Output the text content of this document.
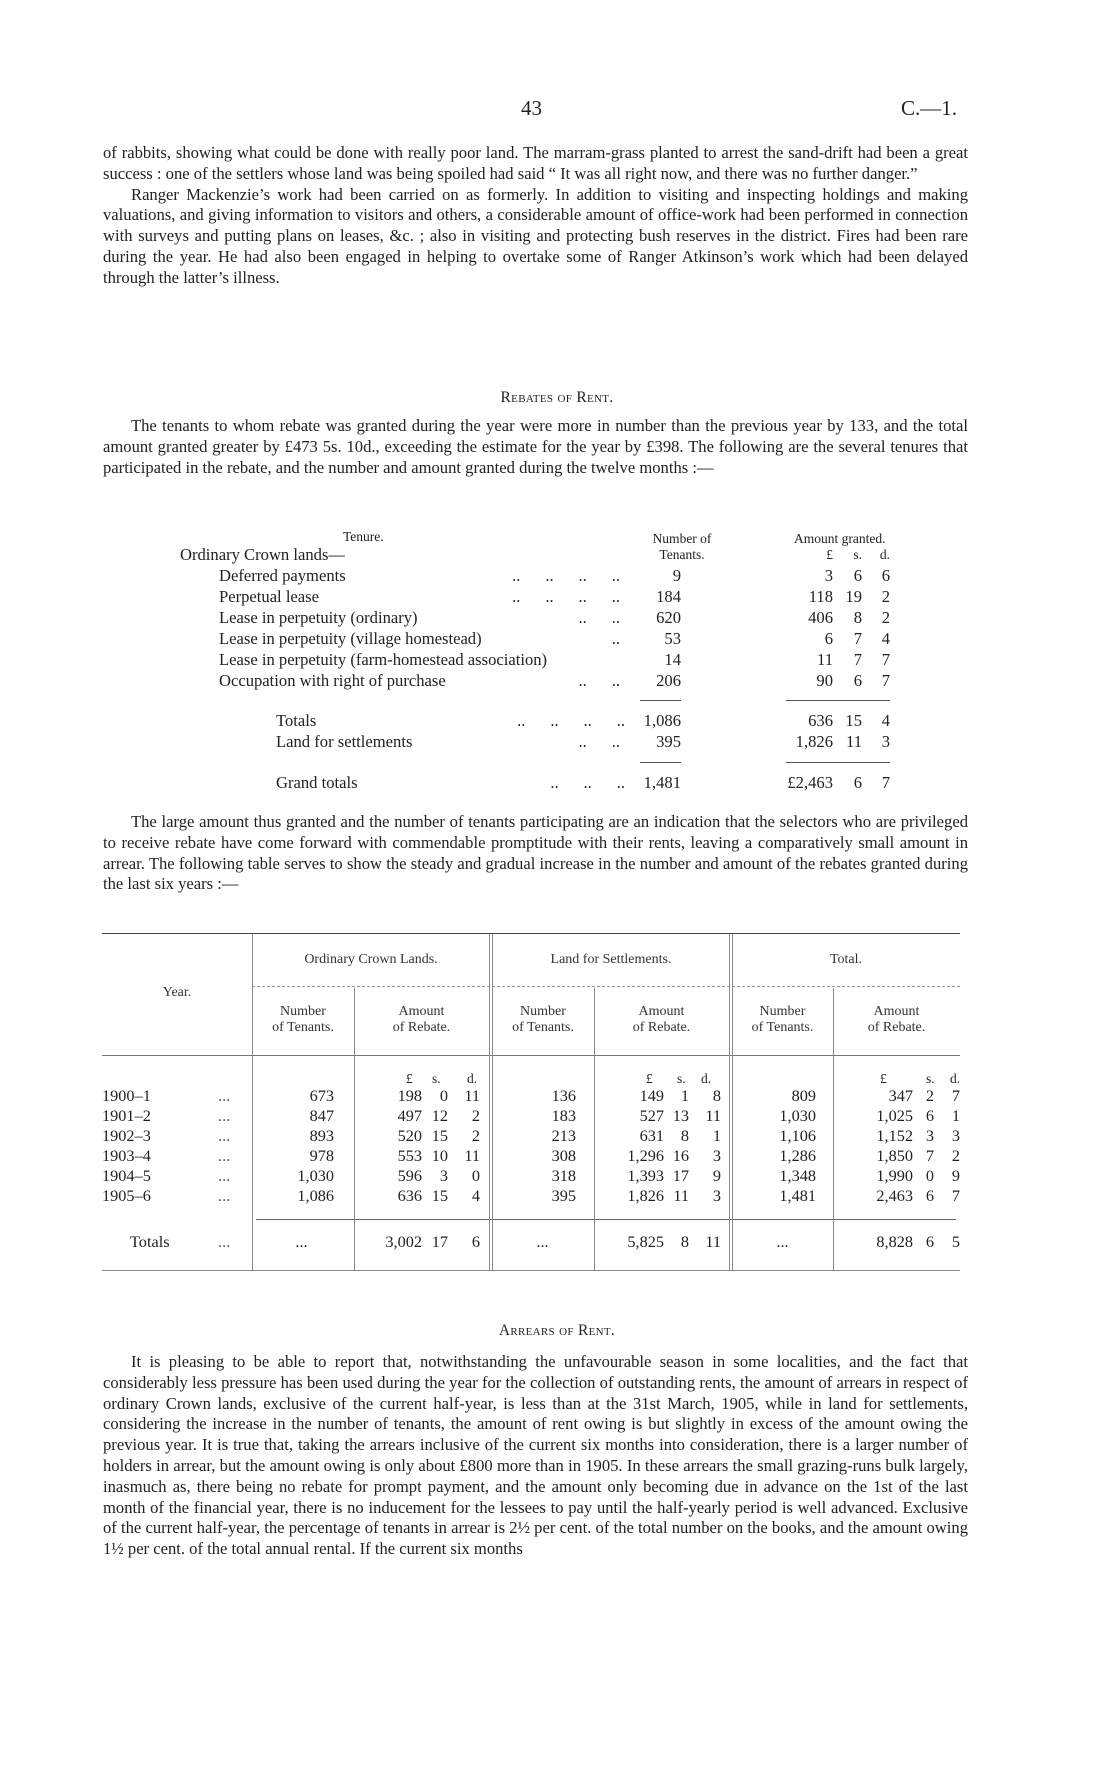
43	C.—1.

of rabbits, showing what could be done with really poor land. The marram-grass planted to arrest the sand-drift had been a great success : one of the settlers whose land was being spoiled had said “ It was all right now, and there was no further danger.”

Ranger Mackenzie’s work had been carried on as formerly. In addition to visiting and inspecting holdings and making valuations, and giving information to visitors and others, a considerable amount of office-work had been performed in connection with surveys and putting plans on leases, &c. ; also in visiting and protecting bush reserves in the district. Fires had been rare during the year. He had also been engaged in helping to overtake some of Ranger Atkinson’s work which had been delayed through the latter’s illness.

Rebates of Rent.
The tenants to whom rebate was granted during the year were more in number than the previous year by 133, and the total amount granted greater by £473 5s. 10d., exceeding the estimate for the year by £398. The following are the several tenures that participated in the rebate, and the number and amount granted during the twelve months :—
Tenure.	Number of
Tenants.
Amount granted.
£	s.	d.
Ordinary Crown lands—
Deferred payments	..      ..      ..      ..	9	3	6	6
Perpetual lease	..      ..      ..      ..	184	118 19	2
Lease in perpetuity (ordinary)	..      ..	620	406	8	2
Lease in perpetuity (village homestead)	..	53	6	7	4
Lease in perpetuity (farm-homestead association)	14	11	7	7
Occupation with right of purchase	..      ..	206	90	6	7
Totals	..      ..      ..      ..	1,086	636 15	4
Land for settlements	..      ..	395	1,826 11	3
Grand totals	..      ..      ..	1,481	£2,463	6	7
The large amount thus granted and the number of tenants participating are an indication that the selectors who are privileged to receive rebate have come forward with commendable promptitude with their rents, leaving a comparatively small amount in arrear. The following table serves to show the steady and gradual increase in the number and amount of the rebates granted during the last six years :—
Year.
Ordinary Crown Lands.	Land for Settlements.	Total.
Number
of Tenants.
Amount
of Rebate.
Number
of Tenants.
Amount
of Rebate.
Number
of Tenants.
Amount
of Rebate.
£ s. d.	£ s. d.	£	s. d.
1900–1	...	673	198	0	11	136	149	1	8	809	347 2	7
1901–2	...	847	497 12	2	183	527 13	11	1,030	1,025 6	1
1902–3	...	893	520 15	2	213	631	8	1	1,106	1,152 3	3
1903–4	...	978	553 10	11	308	1,296 16	3	1,286	1,850 7	2
1904–5	...	1,030	596	3	0	318	1,393 17	9	1,348	1,990 0	9
1905–6	...	1,086	636 15	4	395	1,826 11	3	1,481	2,463 6	7
Totals	...	...	3,002 17	6	...	5,825	8	11	...	8,828 6	5
Arrears of Rent.
It is pleasing to be able to report that, notwithstanding the unfavourable season in some localities, and the fact that considerably less pressure has been used during the year for the collection of outstanding rents, the amount of arrears in respect of ordinary Crown lands, exclusive of the current half-year, is less than at the 31st March, 1905, while in land for settlements, considering the increase in the number of tenants, the amount of rent owing is but slightly in excess of the amount owing the previous year. It is true that, taking the arrears inclusive of the current six months into consideration, there is a larger number of holders in arrear, but the amount owing is only about £800 more than in 1905. In these arrears the small grazing-runs bulk largely, inasmuch as, there being no rebate for prompt payment, and the amount only becoming due in advance on the 1st of the last month of the financial year, there is no inducement for the lessees to pay until the half-yearly period is well advanced. Exclusive of the current half-year, the percentage of tenants in arrear is 2½ per cent. of the total number on the books, and the amount owing 1½ per cent. of the total annual rental. If the current six months
